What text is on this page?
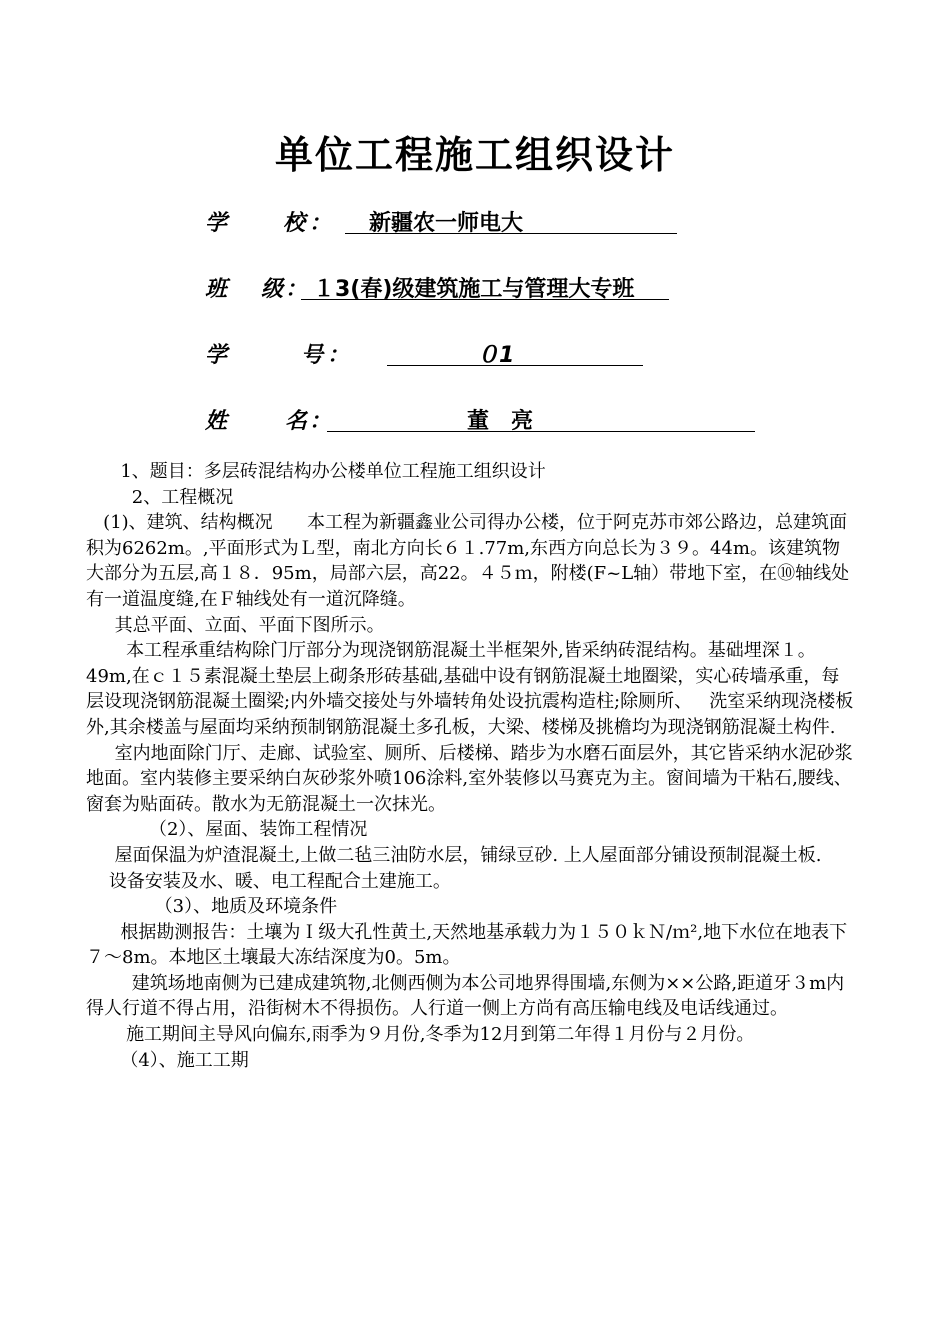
单位工程施工组织设计
学	校 ： 新疆农一师电大
班 级 ： １3(春)级建筑施工与管理大专班
学	号 ：	０1
姓	名 ：	董　亮

1、题目：多层砖混结构办公楼单位工程施工组织设计

2、工程概况

(1)、建筑、结构概况      本工程为新疆鑫业公司得办公楼，位于阿克苏市郊公路边，总建筑面积为6262m。,平面形式为Ｌ型，南北方向长６１.77m,东西方向总长为３９。44m。该建筑物大部分为五层,高１８．95m，局部六层，高22。４５ｍ，附楼(F~L轴）带地下室，在⑩轴线处有一道温度缝,在Ｆ轴线处有一道沉降缝。

其总平面、立面、平面下图所示。

本工程承重结构除门厅部分为现浇钢筋混凝土半框架外,皆采纳砖混结构。基础埋深１。49m,在ｃ１５素混凝土垫层上砌条形砖基础,基础中设有钢筋混凝土地圈梁，实心砖墙承重，每层设现浇钢筋混凝土圈梁;内外墙交接处与外墙转角处设抗震构造柱;除厕所、   洗室采纳现浇楼板外,其余楼盖与屋面均采纳预制钢筋混凝土多孔板，大梁、楼梯及挑檐均为现浇钢筋混凝土构件.

室内地面除门厅、走廊、试验室、厕所、后楼梯、踏步为水磨石面层外，其它皆采纳水泥砂浆地面。室内装修主要采纳白灰砂浆外喷106涂料,室外装修以马赛克为主。窗间墙为干粘石,腰线、窗套为贴面砖。散水为无筋混凝土一次抹光。

（2）、屋面、装饰工程情况

屋面保温为炉渣混凝土,上做二毡三油防水层，铺绿豆砂. 上人屋面部分铺设预制混凝土板.

设备安装及水、暖、电工程配合土建施工。

（3）、地质及环境条件

根据勘测报告：土壤为Ｉ级大孔性黄土,天然地基承载力为１５０ｋＮ/ｍ²,地下水位在地表下７～8m。本地区土壤最大冻结深度为0。5m。

建筑场地南侧为已建成建筑物,北侧西侧为本公司地界得围墙,东侧为××公路,距道牙３m内得人行道不得占用，沿街树木不得损伤。人行道一侧上方尚有高压输电线及电话线通过。

施工期间主导风向偏东,雨季为９月份,冬季为12月到第二年得１月份与２月份。

（4）、施工工期
